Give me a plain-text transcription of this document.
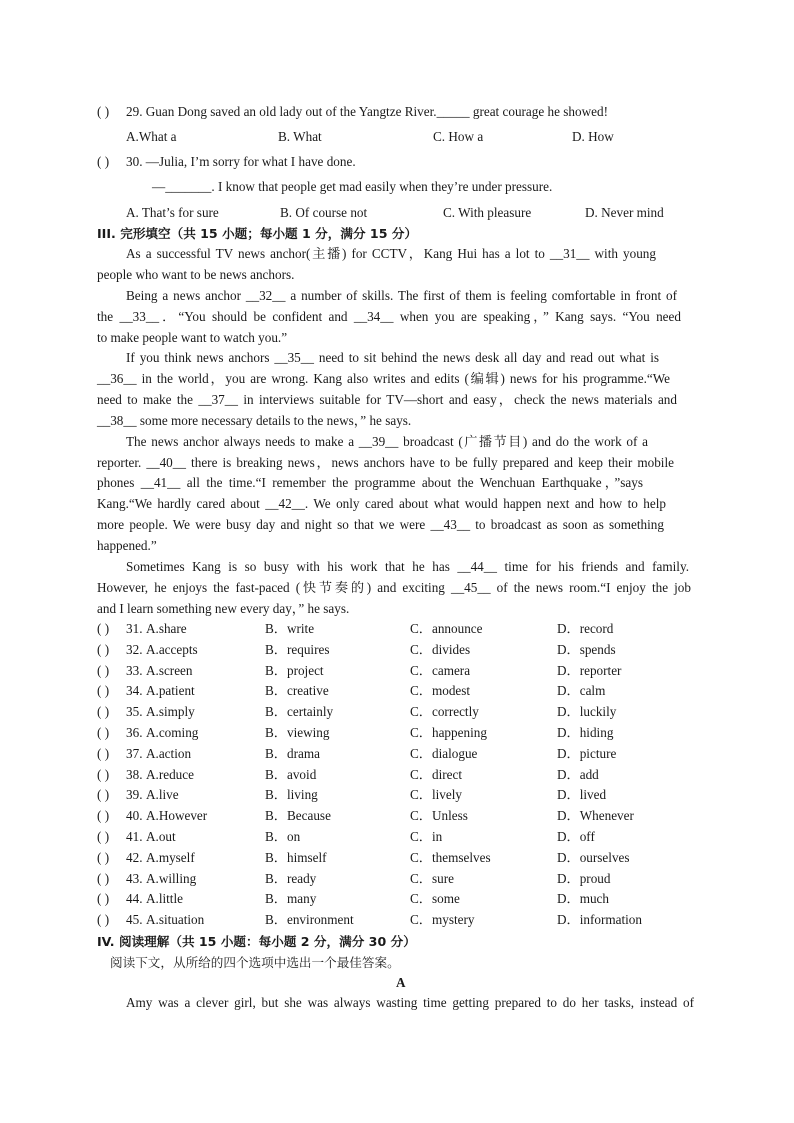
( ) 29. Guan Dong saved an old lady out of the Yangtze River._____ great courage he showed!
A.What a	B. What	C. How a	D. How
( ) 30. —Julia, I’m sorry for what I have done.
—_______. I know that people get mad easily when they’re under pressure.
A. That’s for sure	B. Of course not	C. With pleasure	D. Never mind
III. 完形填空（共 15 小题；每小题 1 分，满分 15 分）
As a successful TV news anchor(主播) for CCTV，Kang Hui has a lot to __31__ with young
people who want to be news anchors.
Being a news anchor __32__ a number of skills. The first of them is feeling comfortable in front of
the __33__．“You should be confident and __34__ when you are speaking，” Kang says. “You need
to make people want to watch you.”
If you think news anchors __35__ need to sit behind the news desk all day and read out what is
__36__ in the world，you are wrong. Kang also writes and edits (编辑) news for his programme.“We
need to make the __37__ in interviews suitable for TV—short and easy，check the news materials and
__38__ some more necessary details to the news，” he says.
The news anchor always needs to make a __39__ broadcast (广播节目) and do the work of a
reporter. __40__ there is breaking news，news anchors have to be fully prepared and keep their mobile
phones __41__ all the time.“I remember the programme about the Wenchuan Earthquake，”says
Kang.“We hardly cared about __42__. We only cared about what would happen next and how to help
more people. We were busy day and night so that we were __43__ to broadcast as soon as something
happened.”
Sometimes Kang is so busy with his work that he has __44__ time for his friends and family.
However, he enjoys the fast-paced (快节奏的) and exciting __45__ of the news room.“I enjoy the job
and I learn something new every day，” he says.
( ) 31. A.share	B．write	C．announce	D．record
( ) 32. A.accepts	B．requires	C．divides	D．spends
( ) 33. A.screen	B．project	C．camera	D．reporter
( ) 34. A.patient	B．creative	C．modest	D．calm
( ) 35. A.simply	B．certainly	C．correctly	D．luckily
( ) 36. A.coming	B．viewing	C．happening	D．hiding
( ) 37. A.action	B．drama	C．dialogue	D．picture
( ) 38. A.reduce	B．avoid	C．direct	D．add
( ) 39. A.live	B．living	C．lively	D．lived
( ) 40. A.However	B．Because	C．Unless	D．Whenever
( ) 41. A.out	B．on	C．in	D．off
( ) 42. A.myself	B．himself	C．themselves	D．ourselves
( ) 43. A.willing	B．ready	C．sure	D．proud
( ) 44. A.little	B．many	C．some	D．much
( ) 45. A.situation	B．environment	C．mystery	D．information
IV. 阅读理解（共 15 小题：每小题 2 分，满分 30 分）
阅读下文，从所给的四个选项中选出一个最佳答案。
A
Amy was a clever girl, but she was always wasting time getting prepared to do her tasks, instead of
